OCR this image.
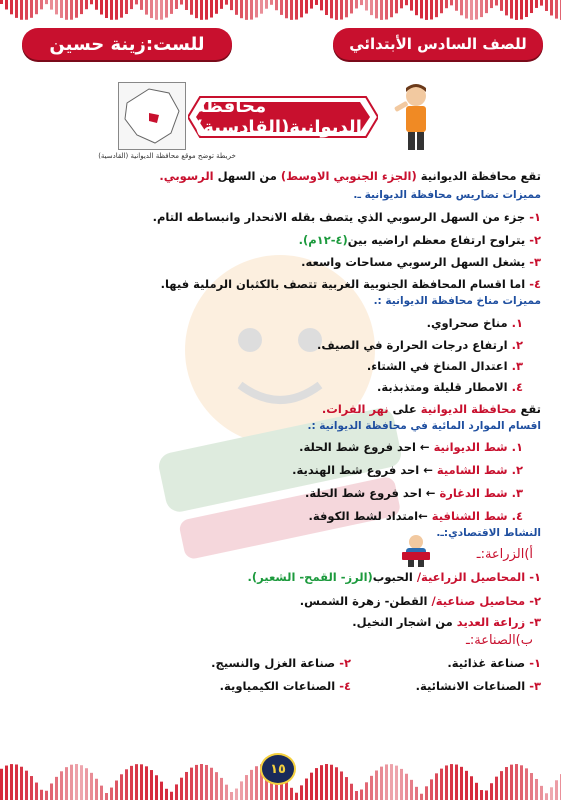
للصف السادس الأبتدائي
للست:زينة حسين
خريطة توضح موقع محافظة الديوانية (القادسية)
محافظة الديوانية(القادسية)
تقع محافظة الديوانية (الجزء الجنوبي الاوسط) من السهل الرسوبي.
مميزات تضاريس محافظة الديوانية ـ.
١- جزء من السهل الرسوبي الذي يتصف بقله الانحدار وانبساطه التام.
٢- يتراوح ارتفاع معظم اراضيه بين(٤-١٢م).
٣- يشغل السهل الرسوبي مساحات واسعه.
٤- اما اقسام المحافظة الجنوبية الغربية تتصف بالكثبان الرملية فيها.
مميزات مناخ محافظة الديوانية :.
١. مناخ صحراوي.
٢. ارتفاع درجات الحرارة في الصيف.
٣. اعتدال المناخ في الشتاء.
٤. الامطار قليلة ومتذبذبة.
تقع محافظة الديوانية على نهر الفرات.
اقسام الموارد المائية في محافظة الديوانية :.
١. شط الديوانية ← احد فروع شط الحلة.
٢. شط الشامية ← احد فروع شط الهندية.
٣. شط الدغارة ← احد فروع شط الحلة.
٤. شط الشنافية ←امتداد لشط الكوفة.
النشاط الاقتصادي:ـ.
أ)الزراعة:ـ
١- المحاصيل الزراعية/ الحبوب(الرز- القمح- الشعير).
٢- محاصيل صناعية/ القطن- زهرة الشمس.
٣- زراعة العديد من اشجار النخيل.
ب)الصناعة:ـ
١- صناعة غذائية.
٢- صناعة الغزل والنسيج.
٣- الصناعات الانشائية.
٤- الصناعات الكيمياوية.
١٥
